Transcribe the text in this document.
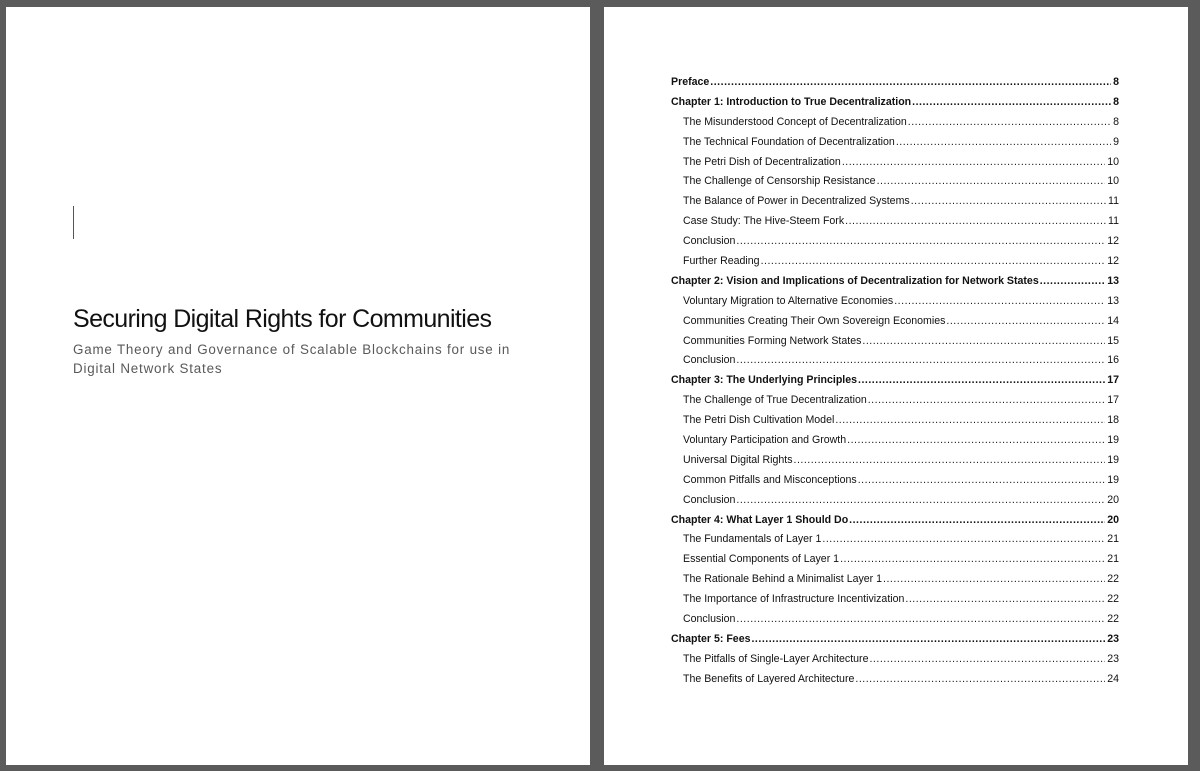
Securing Digital Rights for Communities
Game Theory and Governance of Scalable Blockchains for use in Digital Network States
Preface .....	8
Chapter 1: Introduction to True Decentralization .....	8
The Misunderstood Concept of Decentralization .....	8
The Technical Foundation of Decentralization .....	9
The Petri Dish of Decentralization .....	10
The Challenge of Censorship Resistance .....	10
The Balance of Power in Decentralized Systems .....	11
Case Study: The Hive-Steem Fork .....	11
Conclusion .....	12
Further Reading .....	12
Chapter 2: Vision and Implications of Decentralization for Network States .....	13
Voluntary Migration to Alternative Economies .....	13
Communities Creating Their Own Sovereign Economies .....	14
Communities Forming Network States .....	15
Conclusion .....	16
Chapter 3: The Underlying Principles .....	17
The Challenge of True Decentralization .....	17
The Petri Dish Cultivation Model .....	18
Voluntary Participation and Growth .....	19
Universal Digital Rights .....	19
Common Pitfalls and Misconceptions .....	19
Conclusion .....	20
Chapter 4: What Layer 1 Should Do .....	20
The Fundamentals of Layer 1 .....	21
Essential Components of Layer 1 .....	21
The Rationale Behind a Minimalist Layer 1 .....	22
The Importance of Infrastructure Incentivization .....	22
Conclusion .....	22
Chapter 5: Fees .....	23
The Pitfalls of Single-Layer Architecture .....	23
The Benefits of Layered Architecture .....	24
